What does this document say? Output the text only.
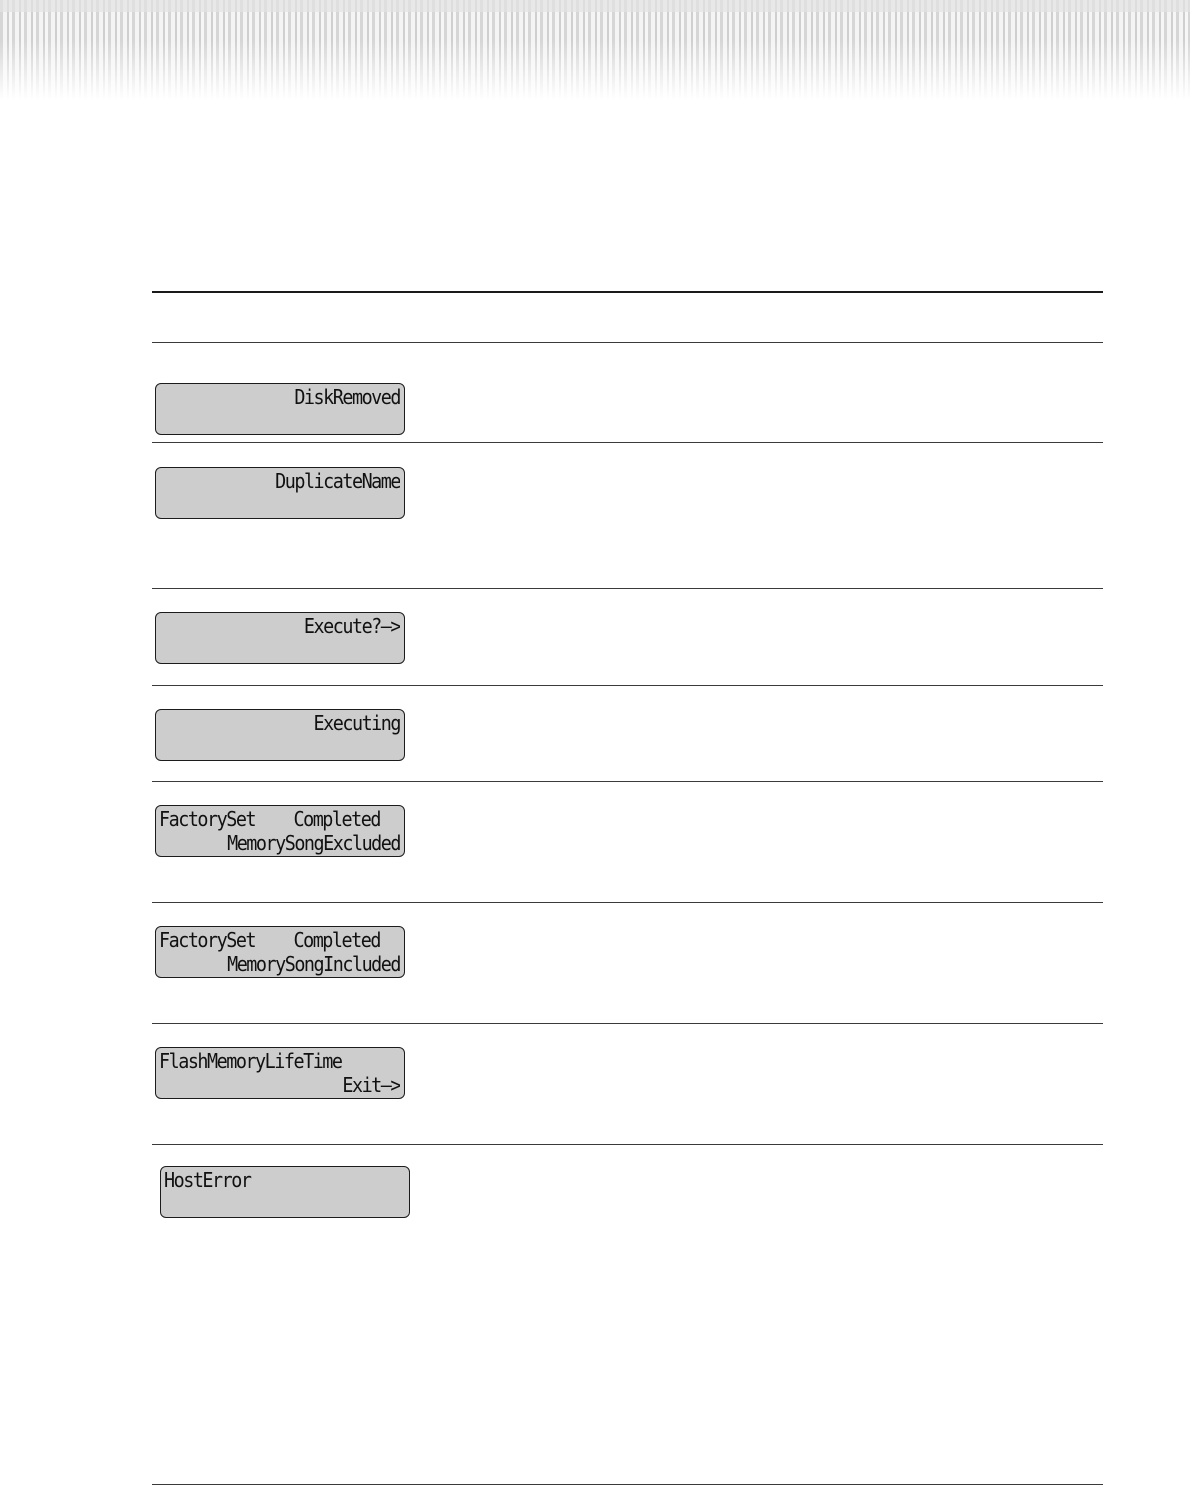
DiskRemoved
DuplicateName
Execute?—>
Executing
FactorySet    Completed
MemorySongExcluded
FactorySet    Completed
MemorySongIncluded
FlashMemoryLifeTime
Exit—>
HostError
